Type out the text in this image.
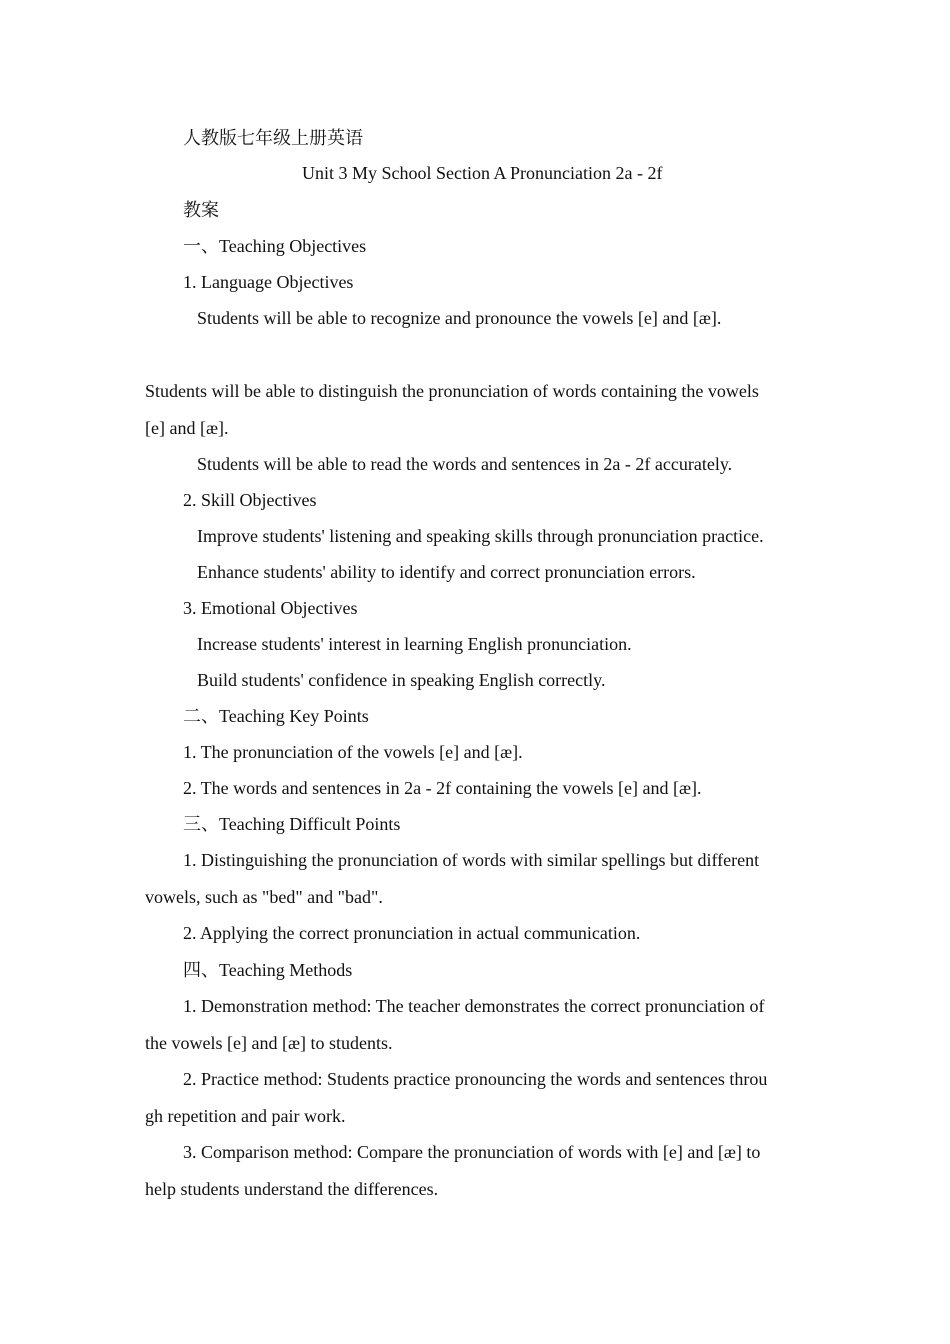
人教版七年级上册英语
Unit 3 My School Section A Pronunciation 2a - 2f
教案
一、Teaching Objectives
1. Language Objectives
Students will be able to recognize and pronounce the vowels [e] and [æ].
Students will be able to distinguish the pronunciation of words containing the vowels
[e] and [æ].
Students will be able to read the words and sentences in 2a - 2f accurately.
2. Skill Objectives
Improve students' listening and speaking skills through pronunciation practice.
Enhance students' ability to identify and correct pronunciation errors.
3. Emotional Objectives
Increase students' interest in learning English pronunciation.
Build students' confidence in speaking English correctly.
二、Teaching Key Points
1. The pronunciation of the vowels [e] and [æ].
2. The words and sentences in 2a - 2f containing the vowels [e] and [æ].
三、Teaching Difficult Points
1. Distinguishing the pronunciation of words with similar spellings but different
vowels, such as "bed" and "bad".
2. Applying the correct pronunciation in actual communication.
四、Teaching Methods
1. Demonstration method: The teacher demonstrates the correct pronunciation of
the vowels [e] and [æ] to students.
2. Practice method: Students practice pronouncing the words and sentences throu
gh repetition and pair work.
3. Comparison method: Compare the pronunciation of words with [e] and [æ] to
help students understand the differences.
